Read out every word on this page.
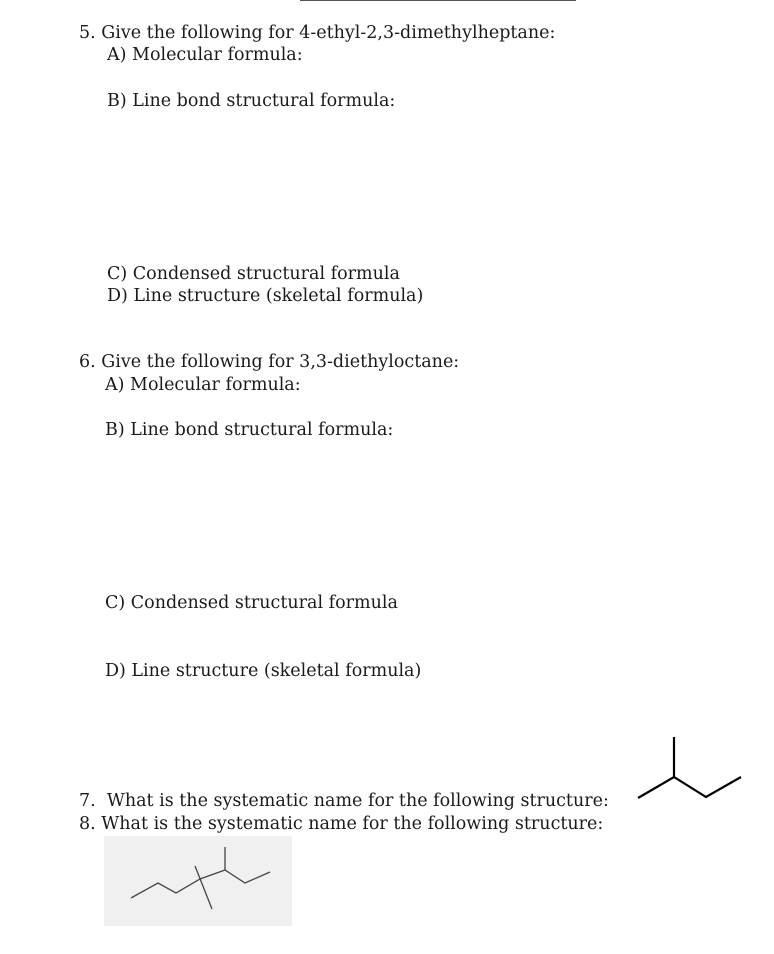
5. Give the following for 4-ethyl-2,3-dimethylheptane:
A) Molecular formula:
B) Line bond structural formula:
C) Condensed structural formula
D) Line structure (skeletal formula)
6. Give the following for 3,3-diethyloctane:
A) Molecular formula:
B) Line bond structural formula:
C) Condensed structural formula
D) Line structure (skeletal formula)
7. What is the systematic name for the following structure:
8. What is the systematic name for the following structure:
